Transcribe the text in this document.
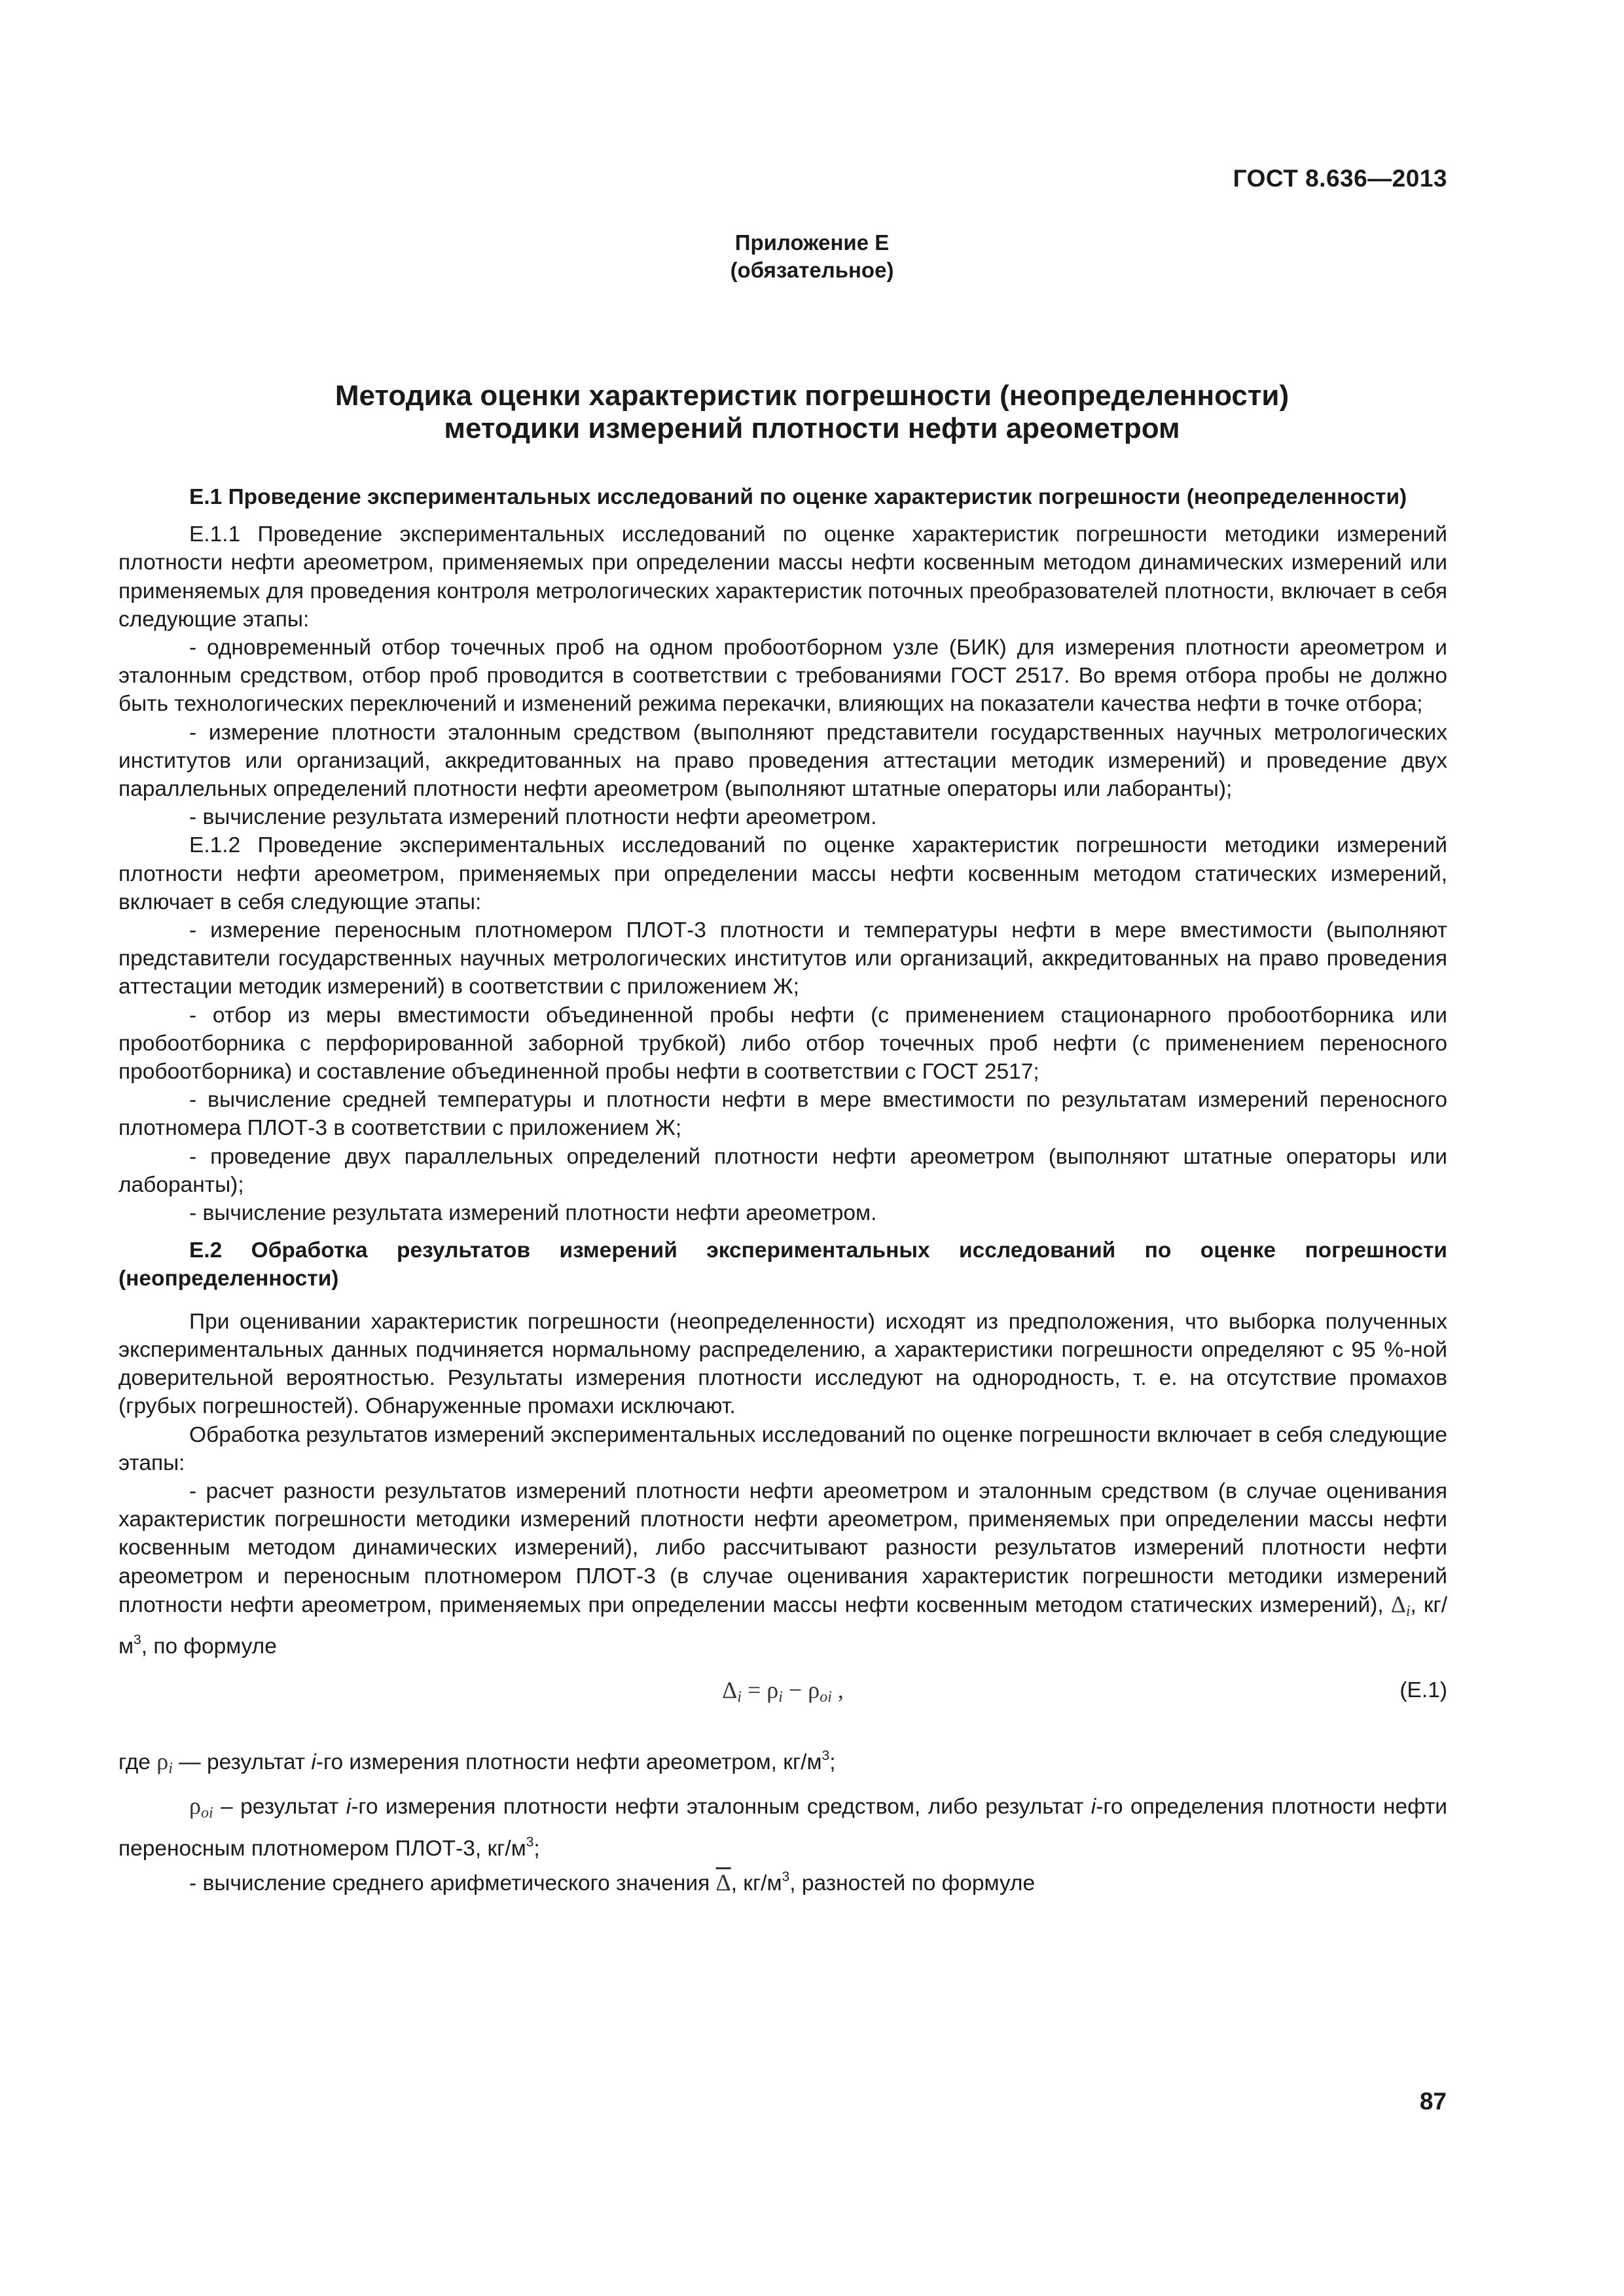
ГОСТ 8.636—2013
Приложение Е
(обязательное)
Методика оценки характеристик погрешности (неопределенности)
методики измерений плотности нефти ареометром
Е.1 Проведение экспериментальных исследований по оценке характеристик погрешности (неопределенности)

Е.1.1 Проведение экспериментальных исследований по оценке характеристик погрешности методики измерений плотности нефти ареометром, применяемых при определении массы нефти косвенным методом динамических измерений или применяемых для проведения контроля метрологических характеристик поточных преобразователей плотности, включает в себя следующие этапы:

- одновременный отбор точечных проб на одном пробоотборном узле (БИК) для измерения плотности ареометром и эталонным средством, отбор проб проводится в соответствии с требованиями ГОСТ 2517. Во время отбора пробы не должно быть технологических переключений и изменений режима перекачки, влияющих на показатели качества нефти в точке отбора;

- измерение плотности эталонным средством (выполняют представители государственных научных метрологических институтов или организаций, аккредитованных на право проведения аттестации методик измерений) и проведение двух параллельных определений плотности нефти ареометром (выполняют штатные операторы или лаборанты);

- вычисление результата измерений плотности нефти ареометром.

Е.1.2 Проведение экспериментальных исследований по оценке характеристик погрешности методики измерений плотности нефти ареометром, применяемых при определении массы нефти косвенным методом статических измерений, включает в себя следующие этапы:

- измерение переносным плотномером ПЛОТ-3 плотности и температуры нефти в мере вместимости (выполняют представители государственных научных метрологических институтов или организаций, аккредитованных на право проведения аттестации методик измерений) в соответствии с приложением Ж;

- отбор из меры вместимости объединенной пробы нефти (с применением стационарного пробоотборника или пробоотборника с перфорированной заборной трубкой) либо отбор точечных проб нефти (с применением переносного пробоотборника) и составление объединенной пробы нефти в соответствии с ГОСТ 2517;

- вычисление средней температуры и плотности нефти в мере вместимости по результатам измерений переносного плотномера ПЛОТ-3 в соответствии с приложением Ж;

- проведение двух параллельных определений плотности нефти ареометром (выполняют штатные операторы или лаборанты);

- вычисление результата измерений плотности нефти ареометром.

Е.2 Обработка результатов измерений экспериментальных исследований по оценке погрешности (неопределенности)

При оценивании характеристик погрешности (неопределенности) исходят из предположения, что выборка полученных экспериментальных данных подчиняется нормальному распределению, а характеристики погрешности определяют с 95 %-ной доверительной вероятностью. Результаты измерения плотности исследуют на однородность, т. е. на отсутствие промахов (грубых погрешностей). Обнаруженные промахи исключают.

Обработка результатов измерений экспериментальных исследований по оценке погрешности включает в себя следующие этапы:

- расчет разности результатов измерений плотности нефти ареометром и эталонным средством (в случае оценивания характеристик погрешности методики измерений плотности нефти ареометром, применяемых при определении массы нефти косвенным методом динамических измерений), либо рассчитывают разности результатов измерений плотности нефти ареометром и переносным плотномером ПЛОТ-3 (в случае оценивания характеристик погрешности методики измерений плотности нефти ареометром, применяемых при определении массы нефти косвенным методом статических измерений), $\Delta_i$, $кг/м^3$, по формуле

$\Delta_i = \rho_i - \rho_{oi}$ ,	(Е.1)

где $\rho_i$ — результат i-го измерения плотности нефти ареометром, $кг/м^3$;

$\rho_{oi}$ – результат i-го измерения плотности нефти эталонным средством, либо результат i-го определения плотности нефти переносным плотномером ПЛОТ-3, $кг/м^3$;

- вычисление среднего арифметического значения $\overline{\Delta}$, $кг/м^3$, разностей по формуле

87
